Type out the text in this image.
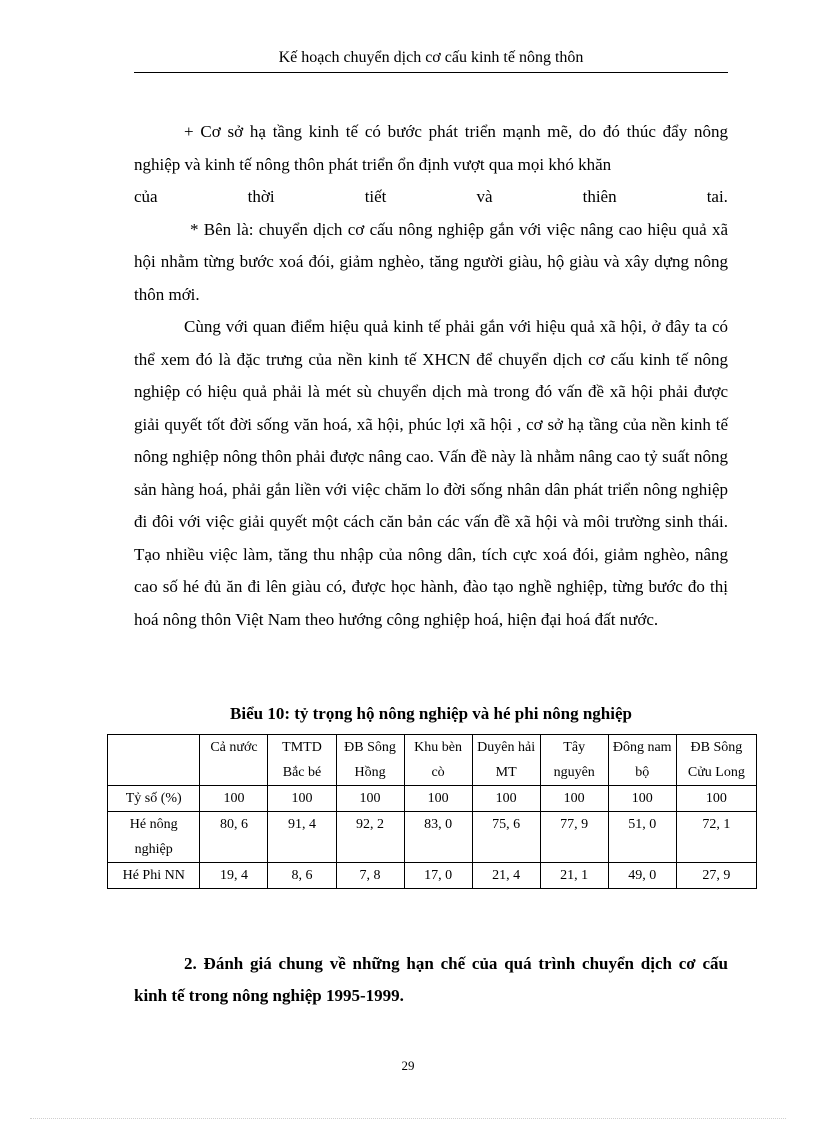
Kế hoạch chuyển dịch cơ cấu kinh tế nông thôn

+ Cơ sở hạ tầng kinh tế có bước phát triển mạnh mẽ, do đó thúc đẩy nông nghiệp và kinh tế nông thôn phát triển ổn định vượt qua mọi khó khăn

của	thời	tiết	và	thiên	tai.

* Bên là: chuyển dịch cơ cấu nông nghiệp gắn với việc nâng cao hiệu quả xã hội nhằm từng bước xoá đói, giảm nghèo, tăng người giàu, hộ giàu và xây dựng nông thôn mới.

Cùng với quan điểm hiệu quả kinh tế phải gắn với hiệu quả xã hội, ở đây ta có thể xem đó là đặc trưng của nền kinh tế XHCN để chuyển dịch cơ cấu kinh tế nông nghiệp có hiệu quả phải là mét sù chuyển dịch mà trong đó vấn đề xã hội phải được giải quyết tốt đời sống văn hoá, xã hội, phúc lợi xã hội , cơ sở hạ tầng của nền kinh tế nông nghiệp nông thôn phải được nâng cao. Vấn đề này là nhằm nâng cao tỷ suất nông sản hàng hoá, phải gắn liền với việc chăm lo đời sống nhân dân phát triển nông nghiệp đi đôi với việc giải quyết một cách căn bản các vấn đề xã hội và môi trường sinh thái. Tạo nhiều việc làm, tăng thu nhập của nông dân, tích cực xoá đói, giảm nghèo, nâng cao số hé đủ ăn đi lên giàu có, được học hành, đào tạo nghề nghiệp, từng bước đo thị hoá nông thôn Việt Nam theo hướng công nghiệp hoá, hiện đại hoá đất nước.

Biểu 10: tỷ trọng hộ nông nghiệp và hé phi nông nghiệp
	Cả nước	TMTD Bắc bé	ĐB Sông Hồng	Khu bèn cò	Duyên hải MT	Tây nguyên	Đông nam bộ	ĐB Sông Cửu Long
Tỷ số (%)	100	100	100	100	100	100	100	100
Hé nông nghiệp	80, 6	91, 4	92, 2	83, 0	75, 6	77, 9	51, 0	72, 1
Hé Phi NN	19, 4	8, 6	7, 8	17, 0	21, 4	21, 1	49, 0	27, 9

2. Đánh giá chung về những hạn chế của quá trình chuyển dịch cơ cấu kinh tế trong nông nghiệp 1995-1999.

29
